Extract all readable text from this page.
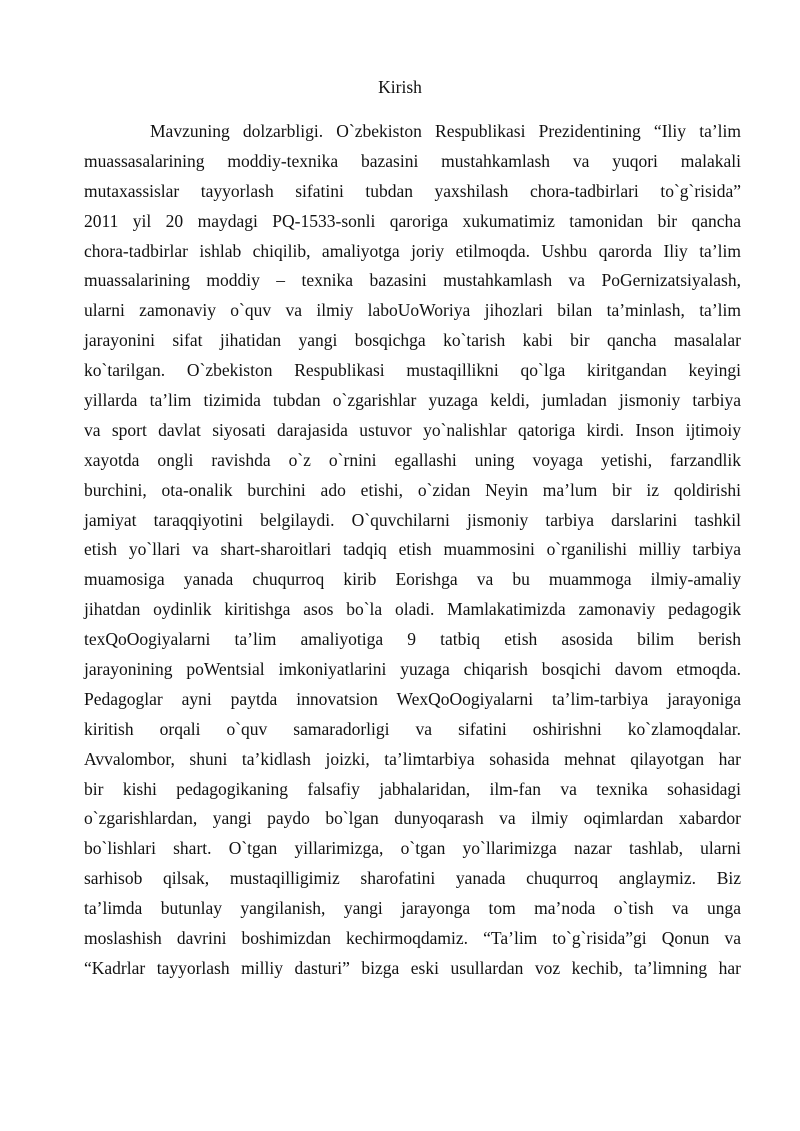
Kirish
Mavzuning dolzarbligi. O`zbekiston Respublikasi Prezidentining “Iliy ta’lim
muassasalarining moddiy-texnika bazasini mustahkamlash va yuqori malakali
mutaxassislar tayyorlash sifatini tubdan yaxshilash chora-tadbirlari to`g`risida”
2011 yil 20 maydagi PQ-1533-sonli qaroriga xukumatimiz tamonidan bir qancha
chora-tadbirlar ishlab chiqilib, amaliyotga joriy etilmoqda. Ushbu qarorda Iliy ta’lim
muassalarining moddiy – texnika bazasini mustahkamlash va PoGernizatsiyalash,
ularni zamonaviy o`quv va ilmiy laboUoWoriya jihozlari bilan ta’minlash, ta’lim
jarayonini sifat jihatidan yangi bosqichga ko`tarish kabi bir qancha masalalar
ko`tarilgan. O`zbekiston Respublikasi mustaqillikni qo`lga kiritgandan keyingi
yillarda ta’lim tizimida tubdan o`zgarishlar yuzaga keldi, jumladan jismoniy tarbiya
va sport davlat siyosati darajasida ustuvor yo`nalishlar qatoriga kirdi. Inson ijtimoiy
xayotda ongli ravishda o`z o`rnini egallashi uning voyaga yetishi, farzandlik
burchini, ota-onalik burchini ado etishi, o`zidan Neyin ma’lum bir iz qoldirishi
jamiyat taraqqiyotini belgilaydi. O`quvchilarni jismoniy tarbiya darslarini tashkil
etish yo`llari va shart-sharoitlari tadqiq etish muammosini o`rganilishi milliy tarbiya
muamosiga yanada chuqurroq kirib Eorishga va bu muammoga ilmiy-amaliy
jihatdan oydinlik kiritishga asos bo`la oladi. Mamlakatimizda zamonaviy pedagogik
texQoOogiyalarni ta’lim amaliyotiga 9 tatbiq etish asosida bilim berish
jarayonining poWentsial imkoniyatlarini yuzaga chiqarish bosqichi davom etmoqda.
Pedagoglar ayni paytda innovatsion WexQoOogiyalarni ta’lim-tarbiya jarayoniga
kiritish orqali o`quv samaradorligi va sifatini oshirishni ko`zlamoqdalar.
Avvalombor, shuni ta’kidlash joizki, ta’limtarbiya sohasida mehnat qilayotgan har
bir kishi pedagogikaning falsafiy jabhalaridan, ilm-fan va texnika sohasidagi
o`zgarishlardan, yangi paydo bo`lgan dunyoqarash va ilmiy oqimlardan xabardor
bo`lishlari shart. O`tgan yillarimizga, o`tgan yo`llarimizga nazar tashlab, ularni
sarhisob qilsak, mustaqilligimiz sharofatini yanada chuqurroq anglaymiz. Biz
ta’limda butunlay yangilanish, yangi jarayonga tom ma’noda o`tish va unga
moslashish davrini boshimizdan kechirmoqdamiz. “Ta’lim to`g`risida”gi Qonun va
“Kadrlar tayyorlash milliy dasturi” bizga eski usullardan voz kechib, ta’limning har
